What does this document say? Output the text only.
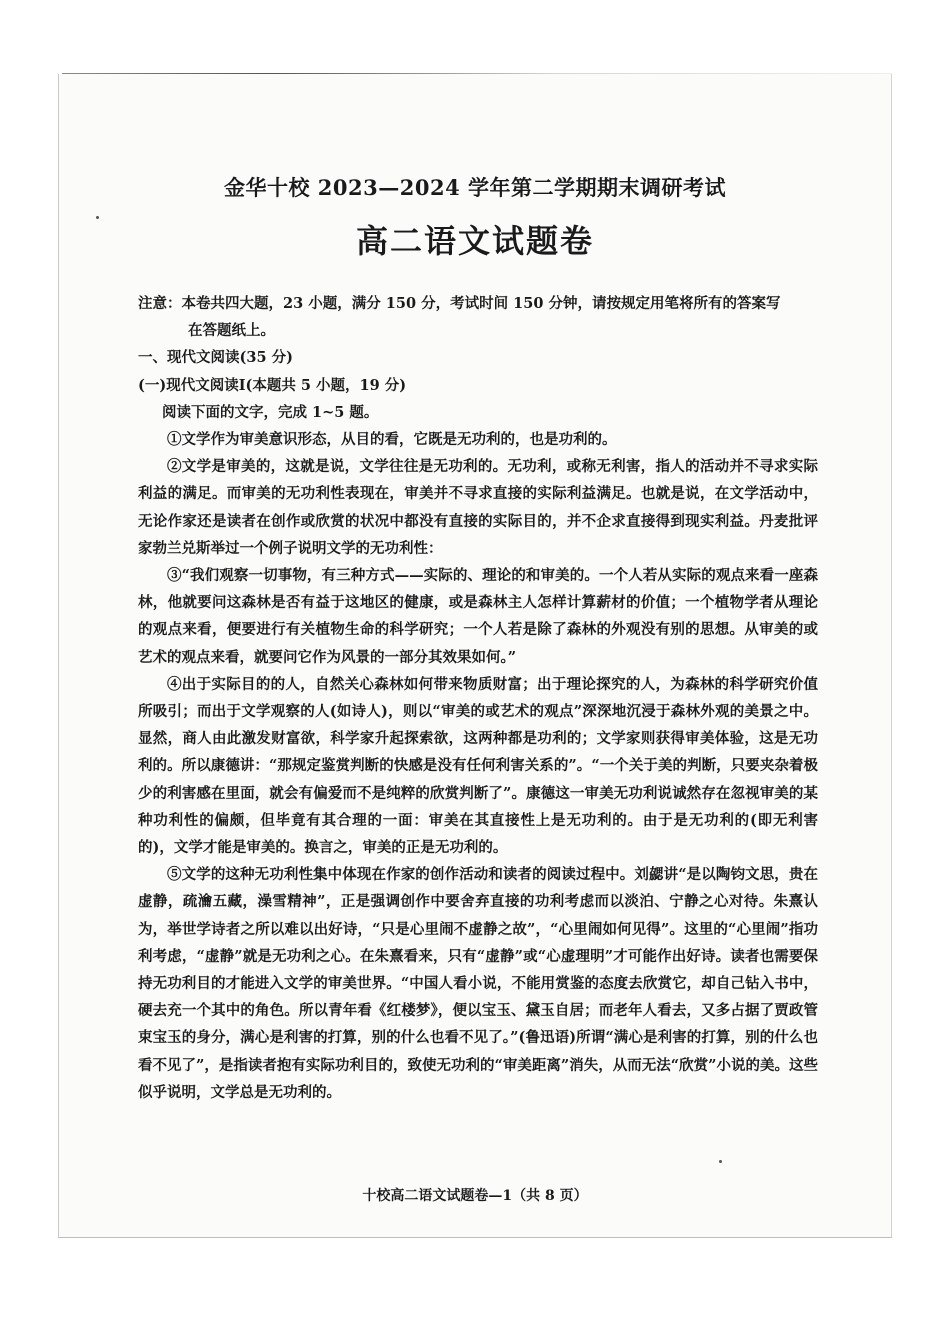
金华十校 2023—2024 学年第二学期期末调研考试
高二语文试题卷

注意：本卷共四大题，23 小题，满分 150 分，考试时间 150 分钟，请按规定用笔将所有的答案写

在答题纸上。

一、现代文阅读(35 分)

(一)现代文阅读Ⅰ(本题共 5 小题，19 分)

阅读下面的文字，完成 1~5 题。

①文学作为审美意识形态，从目的看，它既是无功利的，也是功利的。

②文学是审美的，这就是说，文学往往是无功利的。无功利，或称无利害，指人的活动并不寻求实际利益的满足。而审美的无功利性表现在，审美并不寻求直接的实际利益满足。也就是说，在文学活动中，无论作家还是读者在创作或欣赏的状况中都没有直接的实际目的，并不企求直接得到现实利益。丹麦批评家勃兰兑斯举过一个例子说明文学的无功利性：

③“我们观察一切事物，有三种方式——实际的、理论的和审美的。一个人若从实际的观点来看一座森林，他就要问这森林是否有益于这地区的健康，或是森林主人怎样计算薪材的价值；一个植物学者从理论的观点来看，便要进行有关植物生命的科学研究；一个人若是除了森林的外观没有别的思想。从审美的或艺术的观点来看，就要问它作为风景的一部分其效果如何。”

④出于实际目的的人，自然关心森林如何带来物质财富；出于理论探究的人，为森林的科学研究价值所吸引；而出于文学观察的人(如诗人)，则以“审美的或艺术的观点”深深地沉浸于森林外观的美景之中。显然，商人由此激发财富欲，科学家升起探索欲，这两种都是功利的；文学家则获得审美体验，这是无功利的。所以康德讲：“那规定鉴赏判断的快感是没有任何利害关系的”。“一个关于美的判断，只要夹杂着极少的利害感在里面，就会有偏爱而不是纯粹的欣赏判断了”。康德这一审美无功利说诚然存在忽视审美的某种功利性的偏颇，但毕竟有其合理的一面：审美在其直接性上是无功利的。由于是无功利的(即无利害的)，文学才能是审美的。换言之，审美的正是无功利的。

⑤文学的这种无功利性集中体现在作家的创作活动和读者的阅读过程中。刘勰讲“是以陶钧文思，贵在虚静，疏瀹五藏，澡雪精神”，正是强调创作中要舍弃直接的功利考虑而以淡泊、宁静之心对待。朱熹认为，举世学诗者之所以难以出好诗，“只是心里闹不虚静之故”，“心里闹如何见得”。这里的“心里闹”指功利考虑，“虚静”就是无功利之心。在朱熹看来，只有“虚静”或“心虚理明”才可能作出好诗。读者也需要保持无功利目的才能进入文学的审美世界。“中国人看小说，不能用赏鉴的态度去欣赏它，却自己钻入书中，硬去充一个其中的角色。所以青年看《红楼梦》，便以宝玉、黛玉自居；而老年人看去，又多占据了贾政管束宝玉的身分，满心是利害的打算，别的什么也看不见了。”(鲁迅语)所谓“满心是利害的打算，别的什么也看不见了”，是指读者抱有实际功利目的，致使无功利的“审美距离”消失，从而无法“欣赏”小说的美。这些似乎说明，文学总是无功利的。

十校高二语文试题卷—1（共 8 页）
